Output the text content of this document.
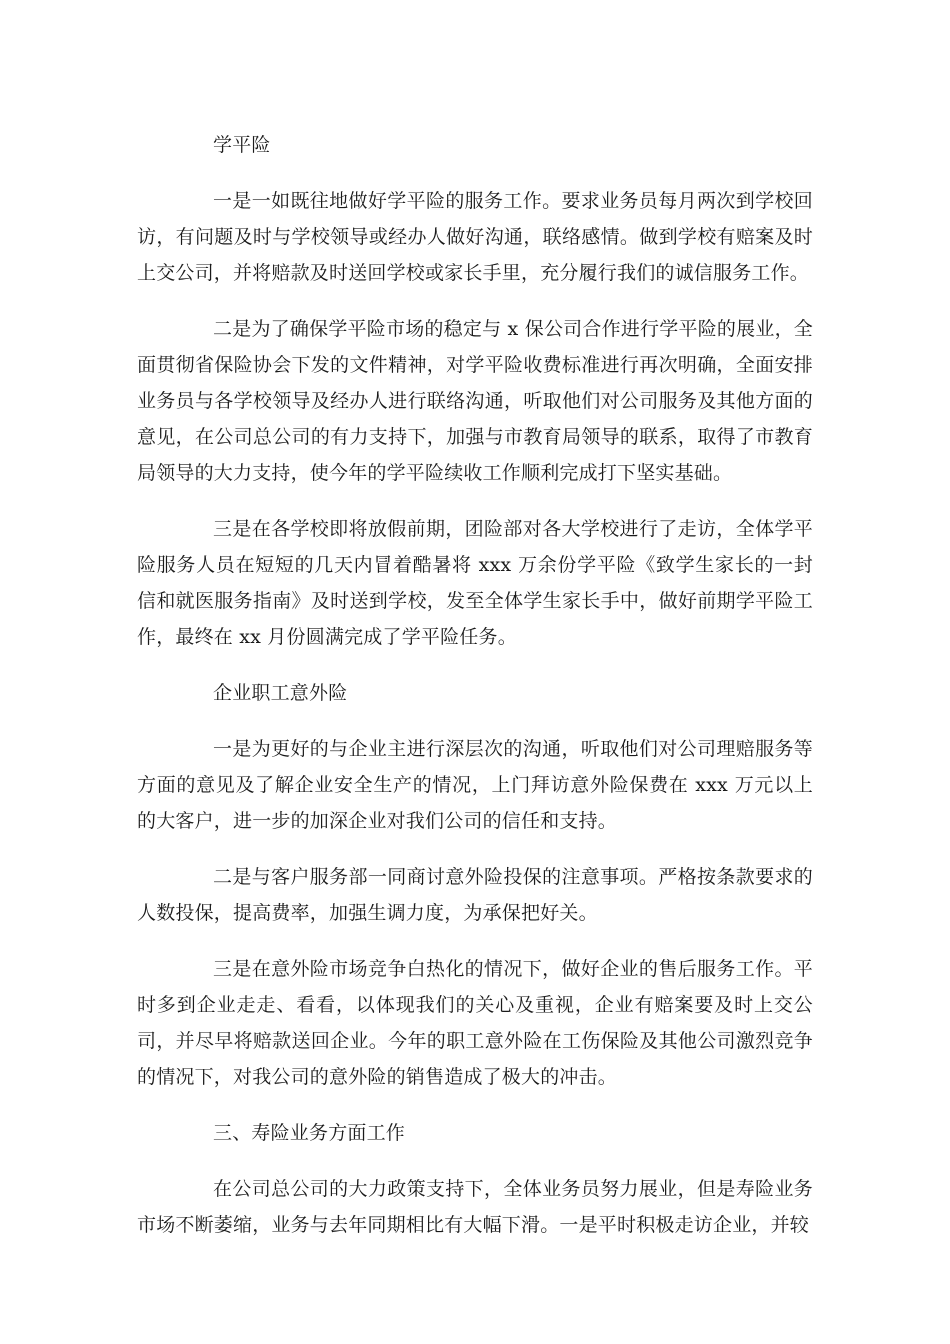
学平险

一是一如既往地做好学平险的服务工作。要求业务员每月两次到学校回访，有问题及时与学校领导或经办人做好沟通，联络感情。做到学校有赔案及时上交公司，并将赔款及时送回学校或家长手里，充分履行我们的诚信服务工作。

二是为了确保学平险市场的稳定与 x 保公司合作进行学平险的展业，全面贯彻省保险协会下发的文件精神，对学平险收费标准进行再次明确，全面安排业务员与各学校领导及经办人进行联络沟通，听取他们对公司服务及其他方面的意见，在公司总公司的有力支持下，加强与市教育局领导的联系，取得了市教育局领导的大力支持，使今年的学平险续收工作顺利完成打下坚实基础。

三是在各学校即将放假前期，团险部对各大学校进行了走访，全体学平险服务人员在短短的几天内冒着酷暑将 xxx 万余份学平险《致学生家长的一封信和就医服务指南》及时送到学校，发至全体学生家长手中，做好前期学平险工作，最终在 xx 月份圆满完成了学平险任务。

企业职工意外险

一是为更好的与企业主进行深层次的沟通，听取他们对公司理赔服务等方面的意见及了解企业安全生产的情况，上门拜访意外险保费在 xxx 万元以上的大客户，进一步的加深企业对我们公司的信任和支持。

二是与客户服务部一同商讨意外险投保的注意事项。严格按条款要求的人数投保，提高费率，加强生调力度，为承保把好关。

三是在意外险市场竞争白热化的情况下，做好企业的售后服务工作。平时多到企业走走、看看，以体现我们的关心及重视，企业有赔案要及时上交公司，并尽早将赔款送回企业。今年的职工意外险在工伤保险及其他公司激烈竞争的情况下，对我公司的意外险的销售造成了极大的冲击。

三、寿险业务方面工作

在公司总公司的大力政策支持下，全体业务员努力展业，但是寿险业务市场不断萎缩，业务与去年同期相比有大幅下滑。一是平时积极走访企业，并较
